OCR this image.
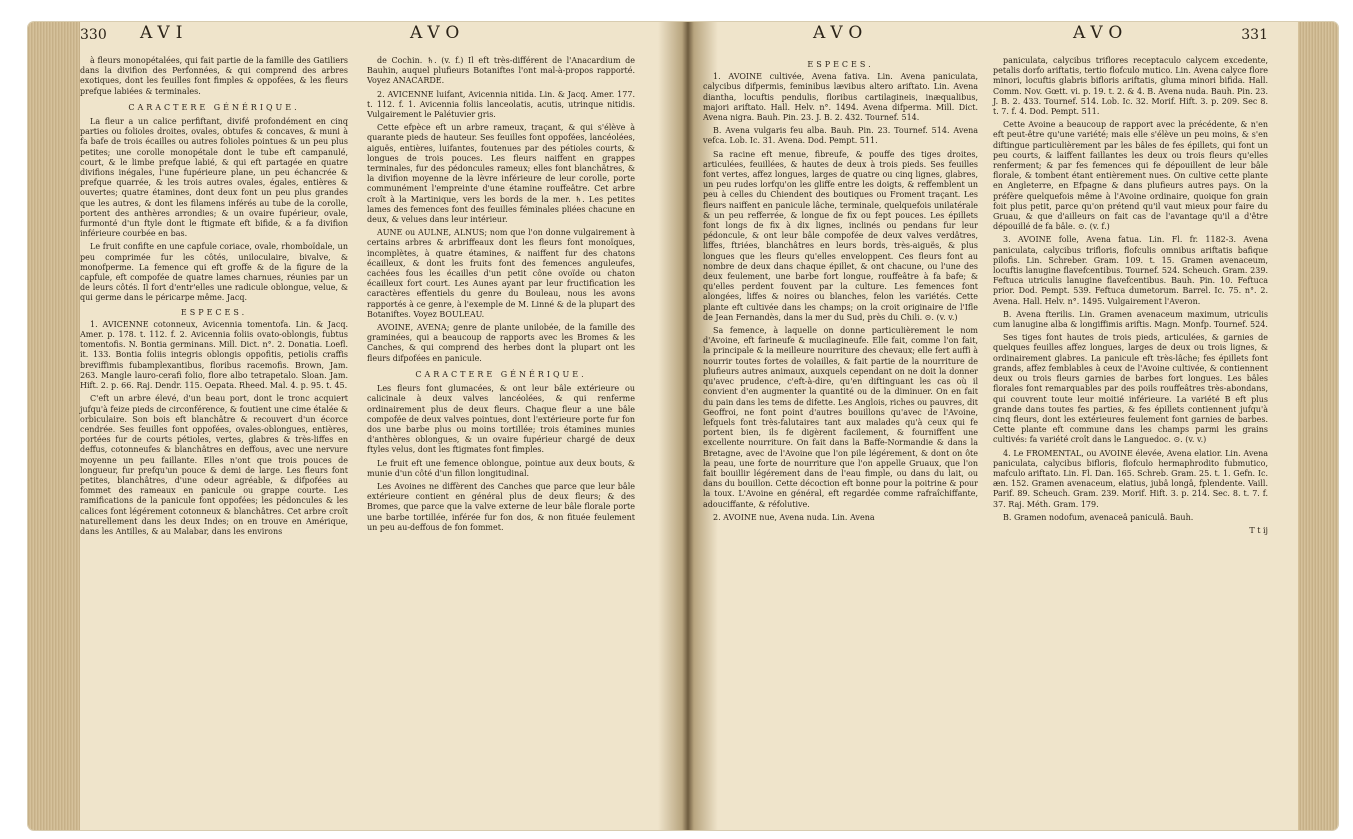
330 AVI	AVO

à fleurs monopétalées, qui fait partie de la famille des Gatiliers dans la divifion des Perfonnées, & qui comprend des arbres exotiques, dont les feuilles font fimples & oppofées, & les fleurs prefque labiées & terminales.

CARACTERE GÉNÉRIQUE.

La fleur a un calice perfiftant, divifé profondément en cinq parties ou folioles droites, ovales, obtufes & concaves, & muni à fa bafe de trois écailles ou autres folioles pointues & un peu plus petites; une corolle monopétale dont le tube eft campanulé, court, & le limbe prefque labié, & qui eft partagée en quatre divifions inégales, l'une fupérieure plane, un peu échancrée & prefque quarrée, & les trois autres ovales, égales, entières & ouvertes; quatre étamines, dont deux font un peu plus grandes que les autres, & dont les filamens inférés au tube de la corolle, portent des anthères arrondies; & un ovaire fupérieur, ovale, furmonté d'un ftyle dont le ftigmate eft bifide, & a fa divifion inférieure courbée en bas.

Le fruit confifte en une capfule coriace, ovale, rhomboïdale, un peu comprimée fur les côtés, uniloculaire, bivalve, & monofperme. La femence qui eft groffe & de la figure de la capfule, eft compofée de quatre lames charnues, réunies par un de leurs côtés. Il fort d'entr'elles une radicule oblongue, velue, & qui germe dans le péricarpe même. Jacq.

ESPECES.

1. AVICENNE cotonneux, Avicennia tomentofa. Lin. & Jacq. Amer. p. 178. t. 112. f. 2. Avicennia foliis ovato-oblongis, fubtus tomentofis. N. Bontia germinans. Mill. Dict. n°. 2. Donatia. Loefl. it. 133. Bontia foliis integris oblongis oppofitis, petiolis craffis breviffimis fubamplexantibus, floribus racemofis. Brown, Jam. 263. Mangle lauro-cerafi folio, flore albo tetrapetalo. Sloan. Jam. Hift. 2. p. 66. Raj. Dendr. 115. Oepata. Rheed. Mal. 4. p. 95. t. 45.

C'eft un arbre élevé, d'un beau port, dont le tronc acquiert jufqu'à feize pieds de circonférence, & foutient une cime étalée & orbiculaire. Son bois eft blanchâtre & recouvert d'un écorce cendrée. Ses feuilles font oppofées, ovales-oblongues, entières, portées fur de courts pétioles, vertes, glabres & très-liffes en deffus, cotonneufes & blanchâtres en deffous, avec une nervure moyenne un peu faillante. Elles n'ont que trois pouces de longueur, fur prefqu'un pouce & demi de large. Les fleurs font petites, blanchâtres, d'une odeur agréable, & difpofées au fommet des rameaux en panicule ou grappe courte. Les ramifications de la panicule font oppofées; les pédoncules & les calices font légérement cotonneux & blanchâtres. Cet arbre croît naturellement dans les deux Indes; on en trouve en Amérique, dans les Antilles, & au Malabar, dans les environs

de Cochin. ♄. (v. f.) Il eft très-différent de l'Anacardium de Bauhin, auquel plufieurs Botaniftes l'ont mal-à-propos rapporté. Voyez ANACARDE.

2. AVICENNE luifant, Avicennia nitida. Lin. & Jacq. Amer. 177. t. 112. f. 1. Avicennia foliis lanceolatis, acutis, utrinque nitidis. Vulgairement le Palétuvier gris.

Cette efpèce eft un arbre rameux, traçant, & qui s'élève à quarante pieds de hauteur. Ses feuilles font oppofées, lancéolées, aiguës, entières, luifantes, foutenues par des pétioles courts, & longues de trois pouces. Les fleurs naiffent en grappes terminales, fur des pédoncules rameux; elles font blanchâtres, & la divifion moyenne de la lèvre inférieure de leur corolle, porte communément l'empreinte d'une étamine rouffeâtre. Cet arbre croît à la Martinique, vers les bords de la mer. ♄. Les petites lames des femences font des feuilles féminales pliées chacune en deux, & velues dans leur intérieur.

AUNE ou AULNE, ALNUS; nom que l'on donne vulgairement à certains arbres & arbriffeaux dont les fleurs font monoïques, incomplètes, à quatre étamines, & naiffent fur des chatons écailleux, & dont les fruits font des femences anguleufes, cachées fous les écailles d'un petit cône ovoïde ou chaton écailleux fort court. Les Aunes ayant par leur fructification les caractères effentiels du genre du Bouleau, nous les avons rapportés à ce genre, à l'exemple de M. Linné & de la plupart des Botaniftes. Voyez BOULEAU.

AVOINE, AVENA; genre de plante unilobée, de la famille des graminées, qui a beaucoup de rapports avec les Bromes & les Canches, & qui comprend des herbes dont la plupart ont les fleurs difpofées en panicule.

CARACTERE GÉNÉRIQUE.

Les fleurs font glumacées, & ont leur bâle extérieure ou calicinale à deux valves lancéolées, & qui renferme ordinairement plus de deux fleurs. Chaque fleur a une bâle compofée de deux valves pointues, dont l'extérieure porte fur fon dos une barbe plus ou moins tortillée; trois étamines munies d'anthères oblongues, & un ovaire fupérieur chargé de deux ftyles velus, dont les ftigmates font fimples.

Le fruit eft une femence oblongue, pointue aux deux bouts, & munie d'un côté d'un fillon longitudinal.

Les Avoines ne diffèrent des Canches que parce que leur bâle extérieure contient en général plus de deux fleurs; & des Bromes, que parce que la valve externe de leur bâle florale porte une barbe tortillée, inférée fur fon dos, & non fituée feulement un peu au-deffous de fon fommet.

AVO	AVO	331
ESPECES.

1. AVOINE cultivée, Avena fativa. Lin. Avena paniculata, calycibus difpermis, feminibus lævibus altero ariftato. Lin. Avena diantha, locuftis pendulis, floribus cartilagineis, inæqualibus, majori ariftato. Hall. Helv. n°. 1494. Avena difperma. Mill. Dict. Avena nigra. Bauh. Pin. 23. J. B. 2. 432. Tournef. 514.

B. Avena vulgaris feu alba. Bauh. Pin. 23. Tournef. 514. Avena vefca. Lob. Ic. 31. Avena. Dod. Pempt. 511.

Sa racine eft menue, fibreufe, & pouffe des tiges droites, articulées, feuillées, & hautes de deux à trois pieds. Ses feuilles font vertes, affez longues, larges de quatre ou cinq lignes, glabres, un peu rudes lorfqu'on les gliffe entre les doigts, & reffemblent un peu à celles du Chiendent des boutiques ou Froment traçant. Les fleurs naiffent en panicule lâche, terminale, quelquefois unilatérale & un peu refferrée, & longue de fix ou fept pouces. Les épillets font longs de fix à dix lignes, inclinés ou pendans fur leur pédoncule, & ont leur bâle compofée de deux valves verdâtres, liffes, ftriées, blanchâtres en leurs bords, très-aiguës, & plus longues que les fleurs qu'elles enveloppent. Ces fleurs font au nombre de deux dans chaque épillet, & ont chacune, ou l'une des deux feulement, une barbe fort longue, rouffeâtre à fa bafe; & qu'elles perdent fouvent par la culture. Les femences font alongées, liffes & noires ou blanches, felon les variétés. Cette plante eft cultivée dans les champs; on la croit originaire de l'Ifle de Jean Fernandès, dans la mer du Sud, près du Chili. ⊙. (v. v.)

Sa femence, à laquelle on donne particulièrement le nom d'Avoine, eft farineufe & mucilagineufe. Elle fait, comme l'on fait, la principale & la meilleure nourriture des chevaux; elle fert auffi à nourrir toutes fortes de volailles, & fait partie de la nourriture de plufieurs autres animaux, auxquels cependant on ne doit la donner qu'avec prudence, c'eft-à-dire, qu'en diftinguant les cas où il convient d'en augmenter la quantité ou de la diminuer. On en fait du pain dans les tems de difette. Les Anglois, riches ou pauvres, dit Geoffroi, ne font point d'autres bouillons qu'avec de l'Avoine, lefquels font très-falutaires tant aux malades qu'à ceux qui fe portent bien, ils fe digèrent facilement, & fourniffent une excellente nourriture. On fait dans la Baffe-Normandie & dans la Bretagne, avec de l'Avoine que l'on pile légérement, & dont on ôte la peau, une forte de nourriture que l'on appelle Gruaux, que l'on fait bouillir légérement dans de l'eau fimple, ou dans du lait, ou dans du bouillon. Cette décoction eft bonne pour la poitrine & pour la toux. L'Avoine en général, eft regardée comme rafraîchiffante, adouciffante, & réfolutive.

2. AVOINE nue, Avena nuda. Lin. Avena

paniculata, calycibus triflores receptaculo calycem excedente, petalis dorfo ariftatis, tertio flofculo mutico. Lin. Avena calyce flore minori, locuftis glabris bifloris ariftatis, gluma minori bifida. Hall. Comm. Nov. Gœtt. vi. p. 19. t. 2. & 4. B. Avena nuda. Bauh. Pin. 23. J. B. 2. 433. Tournef. 514. Lob. Ic. 32. Morif. Hift. 3. p. 209. Sec 8. t. 7. f. 4. Dod. Pempt. 511.

Cette Avoine a beaucoup de rapport avec la précédente, & n'en eft peut-être qu'une variété; mais elle s'élève un peu moins, & s'en diftingue particulièrement par les bâles de fes épillets, qui font un peu courts, & laiffent faillantes les deux ou trois fleurs qu'elles renferment; & par fes femences qui fe dépouillent de leur bâle florale, & tombent étant entièrement nues. On cultive cette plante en Angleterre, en Efpagne & dans plufieurs autres pays. On la préfère quelquefois même à l'Avoine ordinaire, quoique fon grain foit plus petit, parce qu'on prétend qu'il vaut mieux pour faire du Gruau, & que d'ailleurs on fait cas de l'avantage qu'il a d'être dépouillé de fa bâle. ⊙. (v. f.)

3. AVOINE folle, Avena fatua. Lin. Fl. fr. 1182-3. Avena paniculata, calycibus trifloris, flofculis omnibus ariftatis bafique pilofis. Lin. Schreber. Gram. 109. t. 15. Gramen avenaceum, locuftis lanugine flavefcentibus. Tournef. 524. Scheuch. Gram. 239. Feftuca utriculis lanugine flavefcentibus. Bauh. Pin. 10. Feftuca prior. Dod. Pempt. 539. Feftuca dumetorum. Barrel. Ic. 75. n°. 2. Avena. Hall. Helv. n°. 1495. Vulgairement l'Averon.

B. Avena fterilis. Lin. Gramen avenaceum maximum, utriculis cum lanugine alba & longiffimis ariftis. Magn. Monfp. Tournef. 524.

Ses tiges font hautes de trois pieds, articulées, & garnies de quelques feuilles affez longues, larges de deux ou trois lignes, & ordinairement glabres. La panicule eft très-lâche; fes épillets font grands, affez femblables à ceux de l'Avoine cultivée, & contiennent deux ou trois fleurs garnies de barbes fort longues. Les bâles florales font remarquables par des poils rouffeâtres très-abondans, qui couvrent toute leur moitié inférieure. La variété B eft plus grande dans toutes fes parties, & fes épillets contiennent jufqu'à cinq fleurs, dont les extérieures feulement font garnies de barbes. Cette plante eft commune dans les champs parmi les grains cultivés: fa variété croît dans le Languedoc. ⊙. (v. v.)

4. Le FROMENTAL, ou AVOINE élevée, Avena elatior. Lin. Avena paniculata, calycibus bifloris, flofculo hermaphrodito fubmutico, mafculo ariftato. Lin. Fl. Dan. 165. Schreb. Gram. 25. t. 1. Gefn. Ic. æn. 152. Gramen avenaceum, elatius, jubâ longâ, fplendente. Vaill. Parif. 89. Scheuch. Gram. 239. Morif. Hift. 3. p. 214. Sec. 8. t. 7. f. 37. Raj. Méth. Gram. 179.

B. Gramen nodofum, avenaceâ paniculâ. Bauh.

T t ij
